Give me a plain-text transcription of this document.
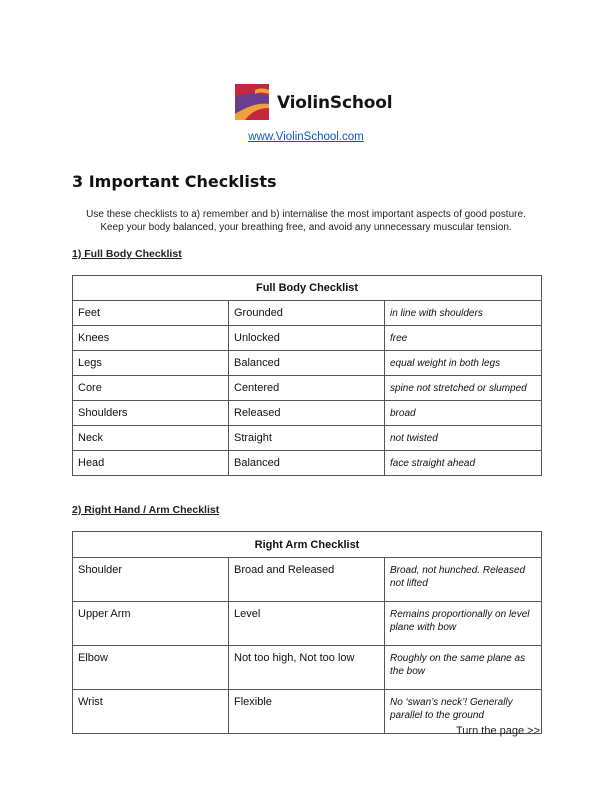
ViolinSchool
www.ViolinSchool.com
3 Important Checklists
Use these checklists to a) remember and b) internalise the most important aspects of good posture.
Keep your body balanced, your breathing free, and avoid any unnecessary muscular tension.
1) Full Body Checklist
Full Body Checklist		
Feet	Grounded	in line with shoulders
Knees	Unlocked	free
Legs	Balanced	equal weight in both legs
Core	Centered	spine not stretched or slumped
Shoulders	Released	broad
Neck	Straight	not twisted
Head	Balanced	face straight ahead
2) Right Hand / Arm Checklist
Right Arm Checklist		
Shoulder	Broad and Released	Broad, not hunched. Released not lifted
Upper Arm	Level	Remains proportionally on level plane with bow
Elbow	Not too high, Not too low	Roughly on the same plane as the bow
Wrist	Flexible	No ‘swan’s neck’! Generally parallel to the ground
Turn the page >>
